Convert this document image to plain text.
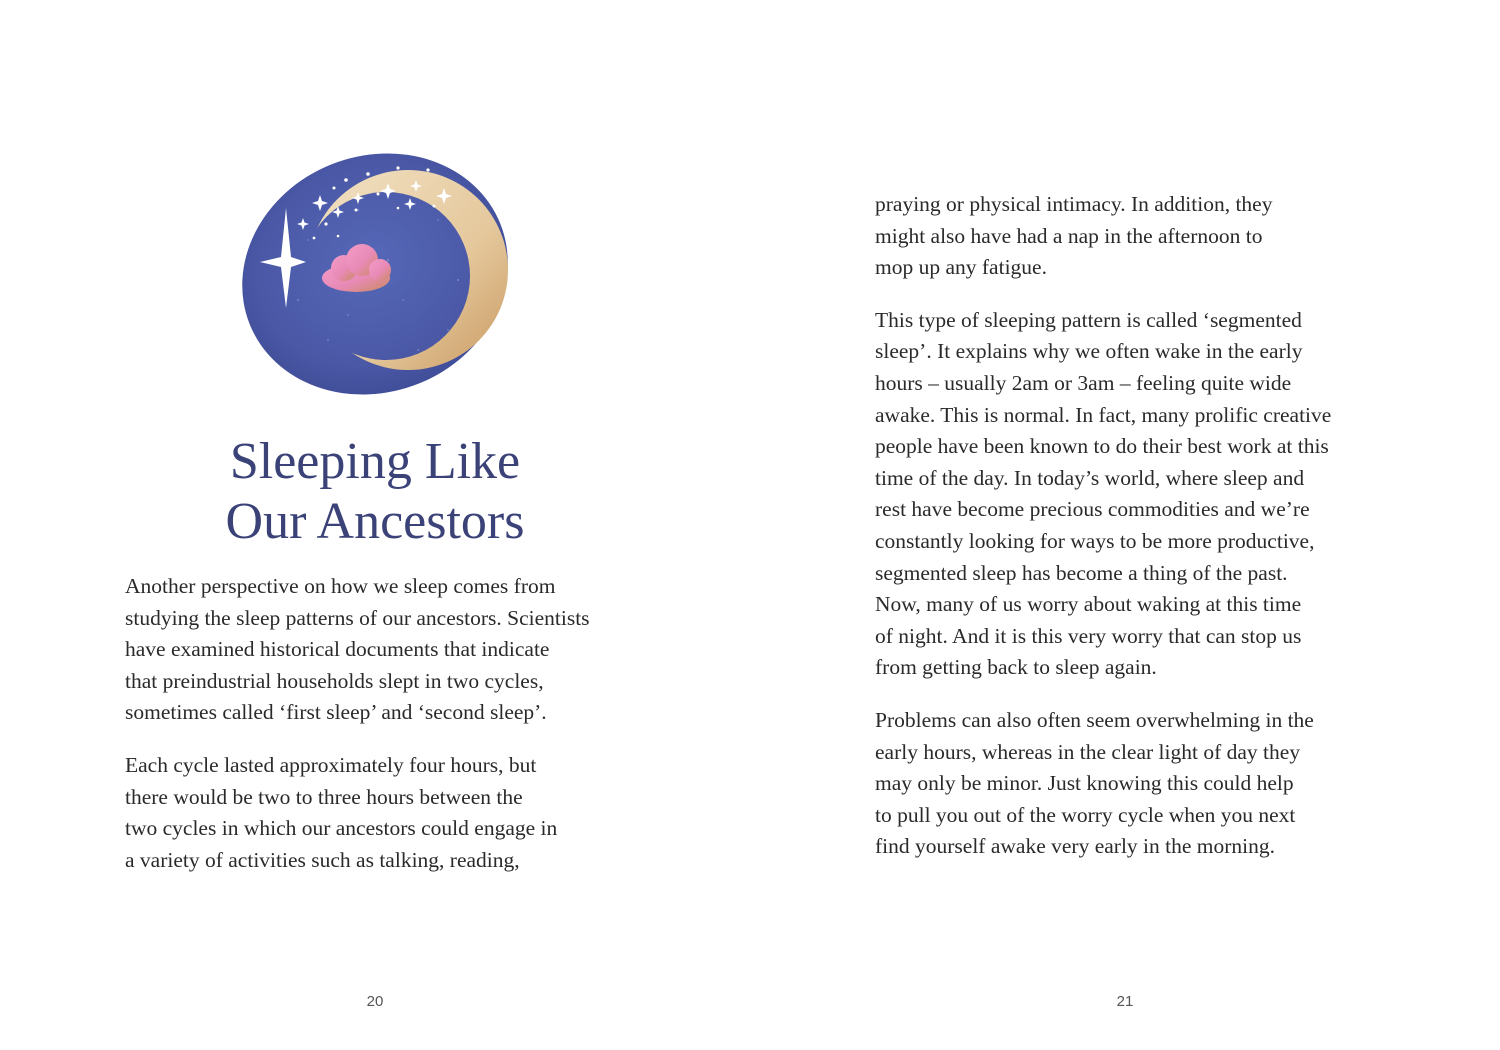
Sleeping Like
Our Ancestors

Another perspective on how we sleep comes from
studying the sleep patterns of our ancestors. Scientists
have examined historical documents that indicate
that preindustrial households slept in two cycles,
sometimes called ‘first sleep’ and ‘second sleep’.

Each cycle lasted approximately four hours, but
there would be two to three hours between the
two cycles in which our ancestors could engage in
a variety of activities such as talking, reading,

20

praying or physical intimacy. In addition, they
might also have had a nap in the afternoon to
mop up any fatigue.

This type of sleeping pattern is called ‘segmented
sleep’. It explains why we often wake in the early
hours – usually 2am or 3am – feeling quite wide
awake. This is normal. In fact, many prolific creative
people have been known to do their best work at this
time of the day. In today’s world, where sleep and
rest have become precious commodities and we’re
constantly looking for ways to be more productive,
segmented sleep has become a thing of the past.
Now, many of us worry about waking at this time
of night. And it is this very worry that can stop us
from getting back to sleep again.

Problems can also often seem overwhelming in the
early hours, whereas in the clear light of day they
may only be minor. Just knowing this could help
to pull you out of the worry cycle when you next
find yourself awake very early in the morning.

21
